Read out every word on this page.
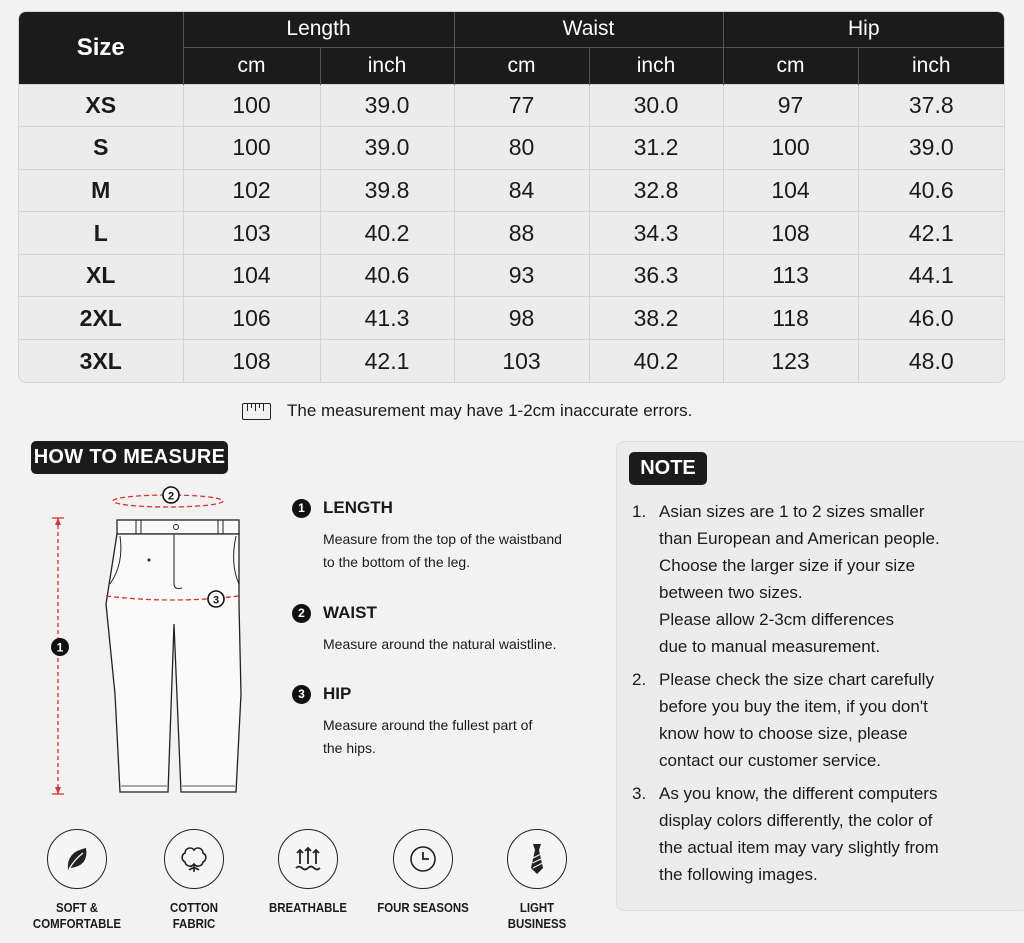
Size	Length		Waist		Hip	
	cm	inch	cm	inch	cm	inch
XS	100	39.0	77	30.0	97	37.8
S	100	39.0	80	31.2	100	39.0
M	102	39.8	84	32.8	104	40.6
L	103	40.2	88	34.3	108	42.1
XL	104	40.6	93	36.3	113	44.1
2XL	106	41.3	98	38.2	118	46.0
3XL	108	42.1	103	40.2	123	48.0
The measurement may have 1-2cm inaccurate errors.
HOW TO MEASURE
2
3
1
1	LENGTH
Measure from the top of the waistband
to the bottom of the leg.
2	WAIST
Measure around the natural waistline.
3	HIP
Measure around the fullest part of
the hips.
SOFT &
COMFORTABLE
COTTON
FABRIC
BREATHABLE	FOUR SEASONS	LIGHT
BUSINESS
NOTE
1. Asian sizes are 1 to 2 sizes smaller
than European and American people.
Choose the larger size if your size
between two sizes.
Please allow 2-3cm differences
due to manual measurement.
2. Please check the size chart carefully
before you buy the item, if you don't
know how to choose size, please
contact our customer service.
3. As you know, the different computers
display colors differently, the color of
the actual item may vary slightly from
the following images.
